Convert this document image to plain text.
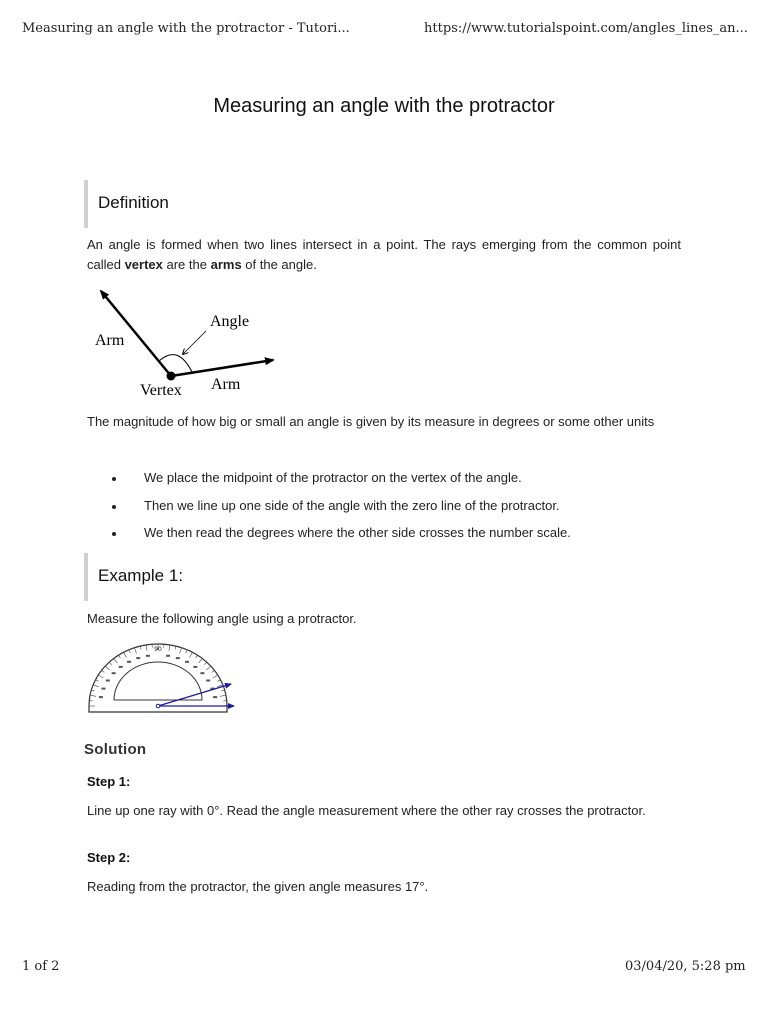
Measuring an angle with the protractor - Tutori...	https://www.tutorialspoint.com/angles_lines_an...
Measuring an angle with the protractor
Definition
An angle is formed when two lines intersect in a point. The rays emerging from the common point called vertex are the arms of the angle.
Arm
Angle
Vertex Arm
The magnitude of how big or small an angle is given by its measure in degrees or some other units
We place the midpoint of the protractor on the vertex of the angle.
Then we line up one side of the angle with the zero line of the protractor.
We then read the degrees where the other side crosses the number scale.
Example 1:
Measure the following angle using a protractor.
90
Solution
Step 1:
Line up one ray with 0°. Read the angle measurement where the other ray crosses the protractor.
Step 2:
Reading from the protractor, the given angle measures 17°.
1 of 2	03/04/20, 5:28 pm
